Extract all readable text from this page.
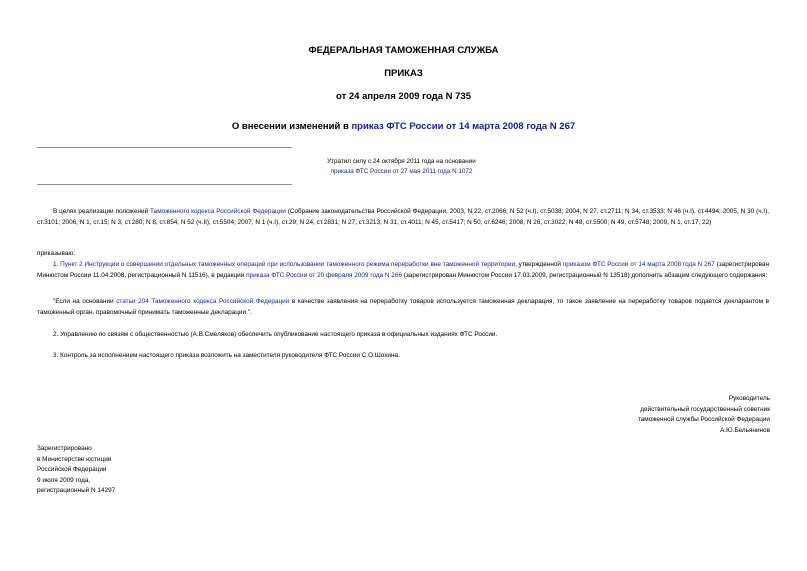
ФЕДЕРАЛЬНАЯ ТАМОЖЕННАЯ СЛУЖБА

ПРИКАЗ

от 24 апреля 2009 года N 735

О внесении изменений в приказ ФТС России от 14 марта 2008 года N 267

Утратил силу с 24 октября 2011 года на основании
приказа ФТС России от 27 мая 2011 года N 1072

В целях реализации положений Таможенного кодекса Российской Федерации (Собрание законодательства Российской Федерации, 2003, N 22, ст.2066; N 52 (ч.I), ст.5038; 2004, N 27, ст.2711; N 34, ст.3533; N 46 (ч.I), ст.4494; 2005, N 30 (ч.I), ст.3101; 2006, N 1, ст.15; N 3, ст.280; N 8, ст.854; N 52 (ч.II), ст.5504; 2007, N 1 (ч.I), ст.29; N 24, ст.2831; N 27, ст.3213; N 31, ст.4011; N 45, ст.5417; N 50, ст.6246; 2008, N 26, ст.3022; N 48, ст.5500; N 49, ст.5748; 2009, N 1, ст.17, 22)

приказываю:

1. Пункт 2 Инструкции о совершении отдельных таможенных операций при использовании таможенного режима переработки вне таможенной территории, утвержденной приказом ФТС России от 14 марта 2008 года N 267 (зарегистрирован Минюстом России 11.04.2008, регистрационный N 11516), в редакции приказа ФТС России от 20 февраля 2009 года N 266 (зарегистрирован Минюстом России 17.03.2009, регистрационный N 13518) дополнить абзацем следующего содержания:

"Если на основании статьи 204 Таможенного кодекса Российской Федерации в качестве заявления на переработку товаров используется таможенная декларация, то такое заявление на переработку товаров подается декларантом в таможенный орган, правомочный принимать таможенные декларации.".

2. Управлению по связям с общественностью (А.В.Смеляков) обеспечить опубликование настоящего приказа в официальных изданиях ФТС России.

3. Контроль за исполнением настоящего приказа возложить на заместителя руководителя ФТС России С.О.Шохина.

Руководитель
действительный государственный советник
таможенной службы Российской Федерации
А.Ю.Бельянинов
Зарегистрировано
в Министерстве юстиции
Российской Федерации
9 июля 2009 года,
регистрационный N 14297
